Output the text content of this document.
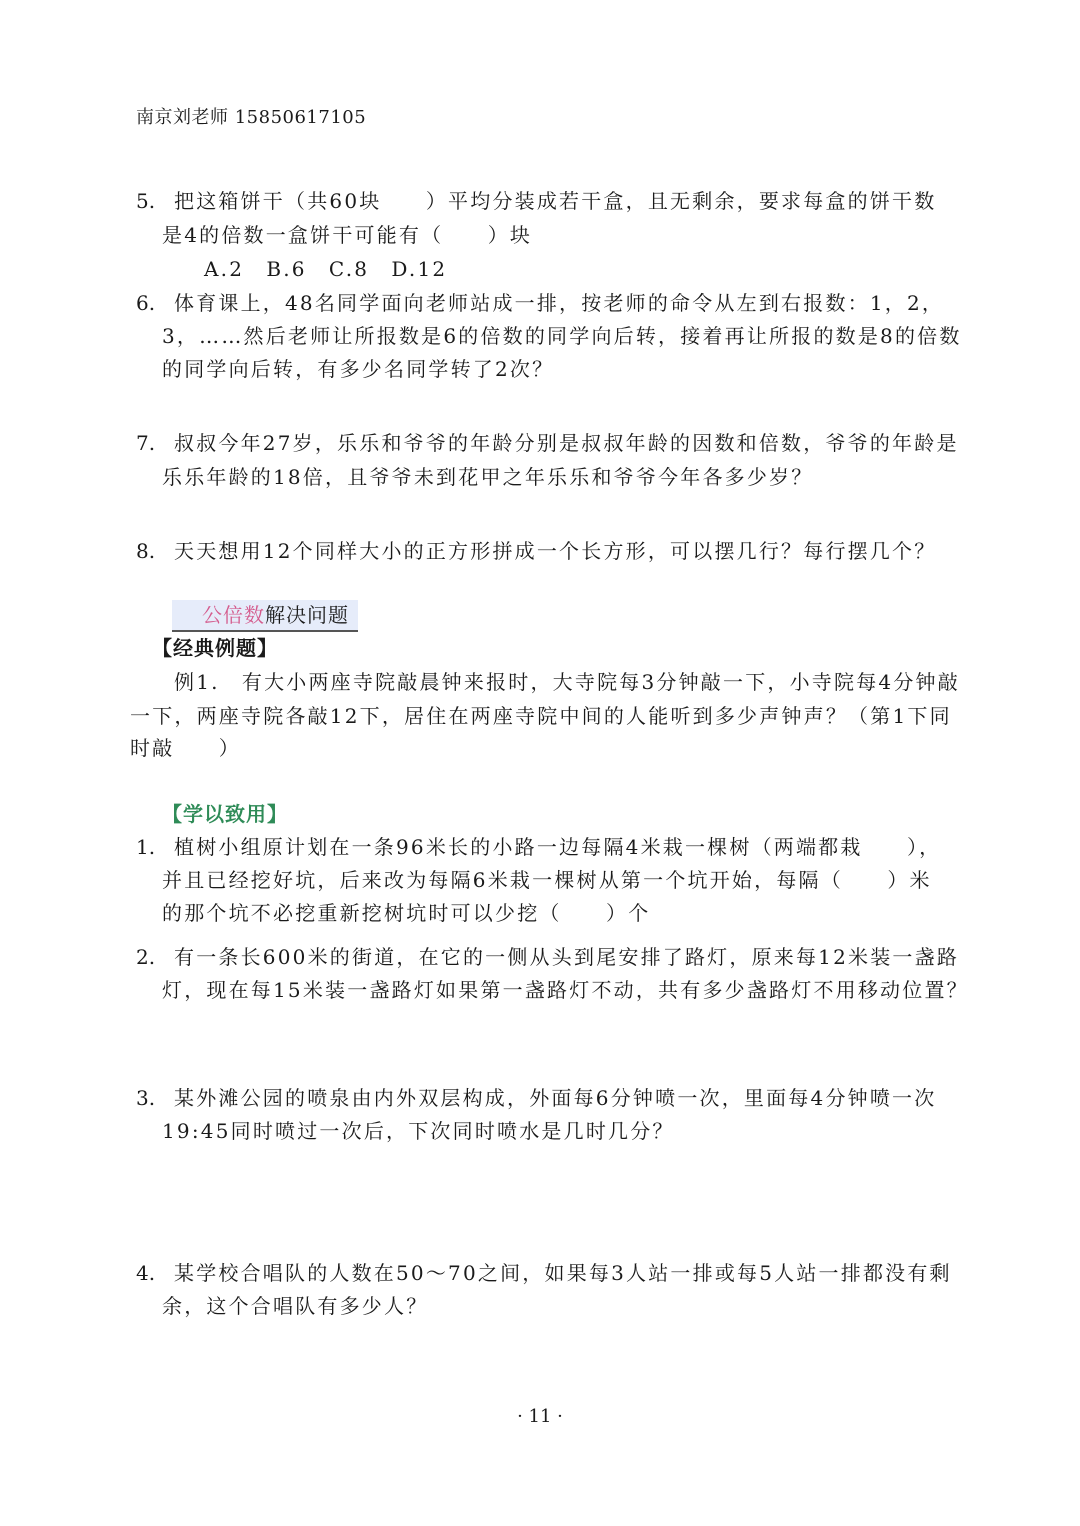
南京刘老师 15850617105
5. 把这箱饼干（共60块　　）平均分装成若干盒，且无剩余，要求每盒的饼干数
是4的倍数一盒饼干可能有（　　）块
A.2　B.6　C.8　D.12
6. 体育课上，48名同学面向老师站成一排，按老师的命令从左到右报数：1，2，
3，……然后老师让所报数是6的倍数的同学向后转，接着再让所报的数是8的倍数
的同学向后转，有多少名同学转了2次？
7. 叔叔今年27岁，乐乐和爷爷的年龄分别是叔叔年龄的因数和倍数，爷爷的年龄是
乐乐年龄的18倍，且爷爷未到花甲之年乐乐和爷爷今年各多少岁？
8. 天天想用12个同样大小的正方形拼成一个长方形，可以摆几行？每行摆几个？
公倍数解决问题
【经典例题】
例1.　有大小两座寺院敲晨钟来报时，大寺院每3分钟敲一下，小寺院每4分钟敲
一下，两座寺院各敲12下，居住在两座寺院中间的人能听到多少声钟声？（第1下同
时敲　　）
【学以致用】
1. 植树小组原计划在一条96米长的小路一边每隔4米栽一棵树（两端都栽　　），
并且已经挖好坑，后来改为每隔6米栽一棵树从第一个坑开始，每隔（　　）米
的那个坑不必挖重新挖树坑时可以少挖（　　）个
2. 有一条长600米的街道，在它的一侧从头到尾安排了路灯，原来每12米装一盏路
灯，现在每15米装一盏路灯如果第一盏路灯不动，共有多少盏路灯不用移动位置？
3. 某外滩公园的喷泉由内外双层构成，外面每6分钟喷一次，里面每4分钟喷一次
19:45同时喷过一次后，下次同时喷水是几时几分？
4. 某学校合唱队的人数在50～70之间，如果每3人站一排或每5人站一排都没有剩
余，这个合唱队有多少人？
· 11 ·
